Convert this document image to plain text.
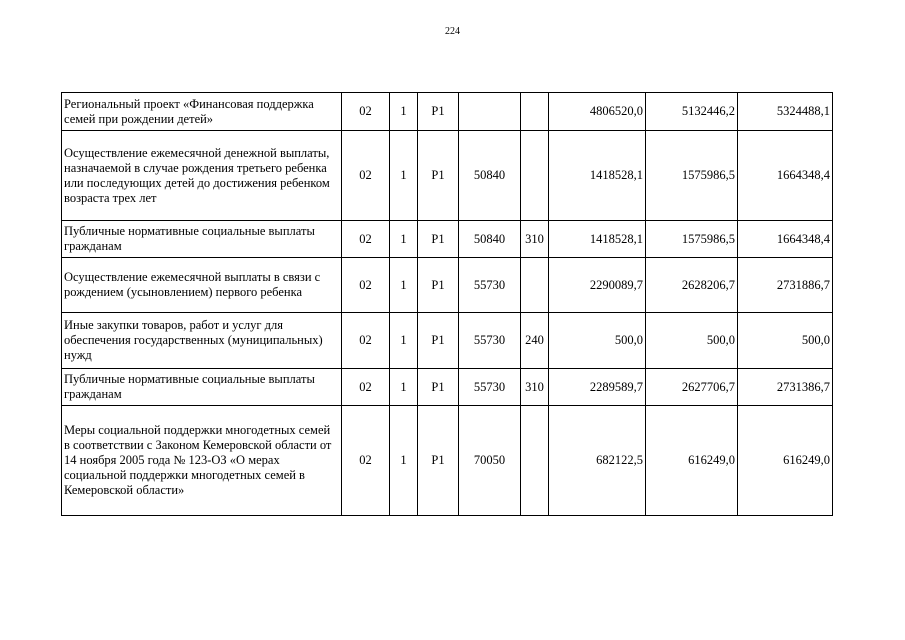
224
Региональный проект «Финансовая поддержка семей при рождении детей»	02	1	P1			4806520,0	5132446,2	5324488,1
Осуществление ежемесячной денежной выплаты, назначаемой в случае рождения третьего ребенка или последующих детей до достижения ребенком возраста трех лет	02	1	P1	50840		1418528,1	1575986,5	1664348,4
Публичные нормативные социальные выплаты гражданам	02	1	P1	50840	310	1418528,1	1575986,5	1664348,4
Осуществление ежемесячной выплаты в связи с рождением (усыновлением) первого ребенка	02	1	P1	55730		2290089,7	2628206,7	2731886,7
Иные закупки товаров, работ и услуг для обеспечения государственных (муниципальных) нужд	02	1	P1	55730	240	500,0	500,0	500,0
Публичные нормативные социальные выплаты гражданам	02	1	P1	55730	310	2289589,7	2627706,7	2731386,7
Меры социальной поддержки многодетных семей в соответствии с Законом Кемеровской области от 14 ноября 2005 года № 123-ОЗ «О мерах социальной поддержки многодетных семей в Кемеровской области»	02	1	P1	70050		682122,5	616249,0	616249,0
